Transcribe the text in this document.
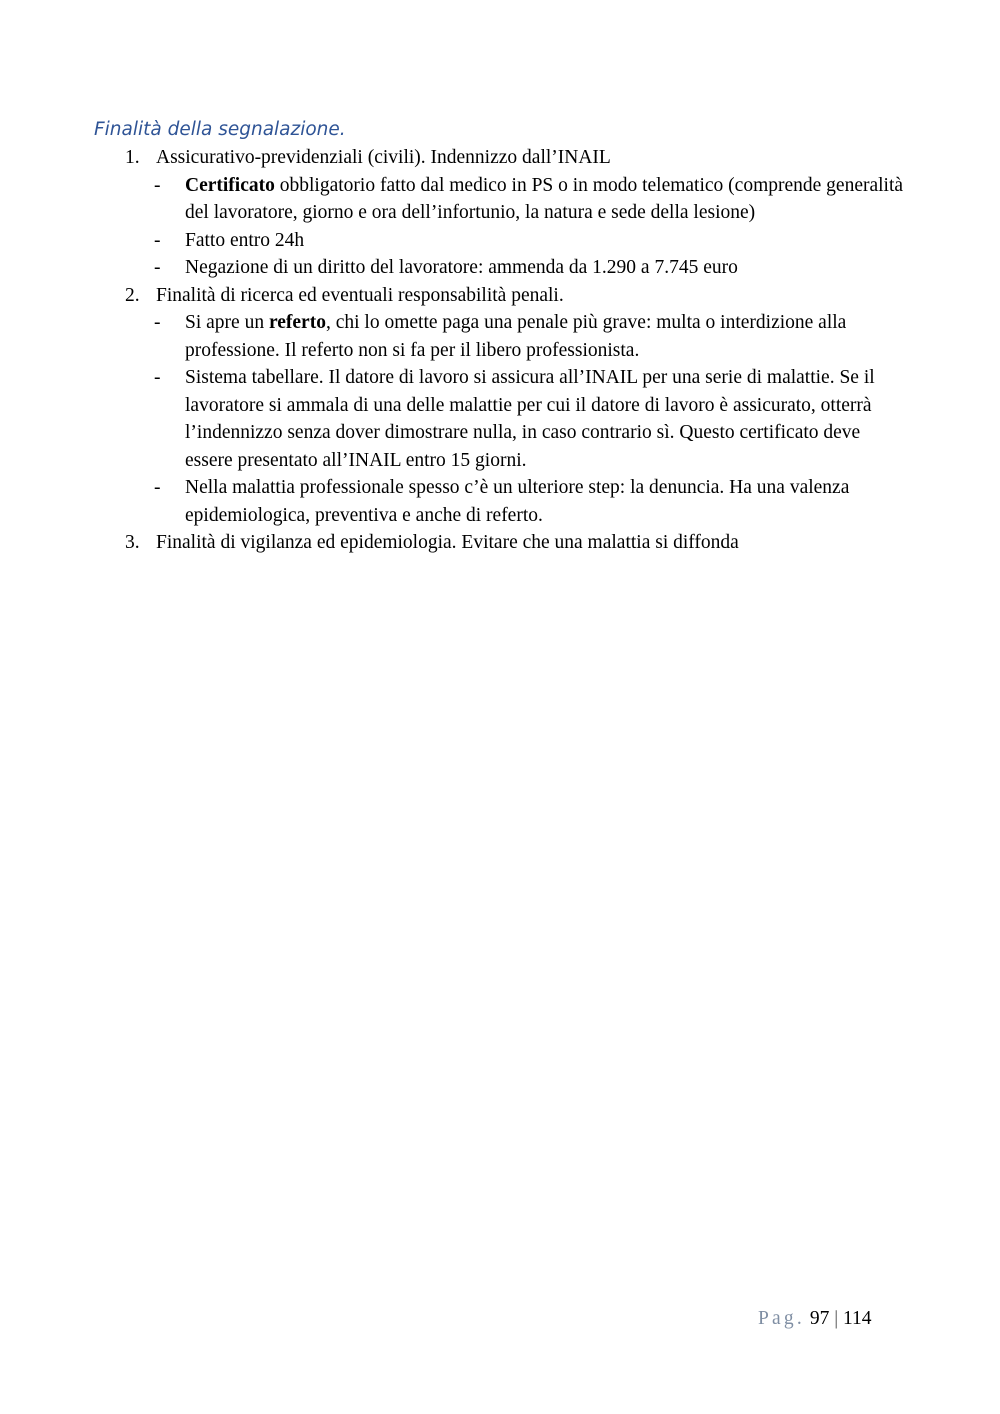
Finalità della segnalazione.
1. Assicurativo-previdenziali (civili). Indennizzo dall’INAIL
- Certificato obbligatorio fatto dal medico in PS o in modo telematico (comprende generalità del lavoratore, giorno e ora dell’infortunio, la natura e sede della lesione)
- Fatto entro 24h
- Negazione di un diritto del lavoratore: ammenda da 1.290 a 7.745 euro
2. Finalità di ricerca ed eventuali responsabilità penali.
- Si apre un referto, chi lo omette paga una penale più grave: multa o interdizione alla professione. Il referto non si fa per il libero professionista.
- Sistema tabellare. Il datore di lavoro si assicura all’INAIL per una serie di malattie. Se il lavoratore si ammala di una delle malattie per cui il datore di lavoro è assicurato, otterrà l’indennizzo senza dover dimostrare nulla, in caso contrario sì. Questo certificato deve essere presentato all’INAIL entro 15 giorni.
- Nella malattia professionale spesso c’è un ulteriore step: la denuncia. Ha una valenza epidemiologica, preventiva e anche di referto.
3. Finalità di vigilanza ed epidemiologia. Evitare che una malattia si diffonda
Pag. 97 | 114
